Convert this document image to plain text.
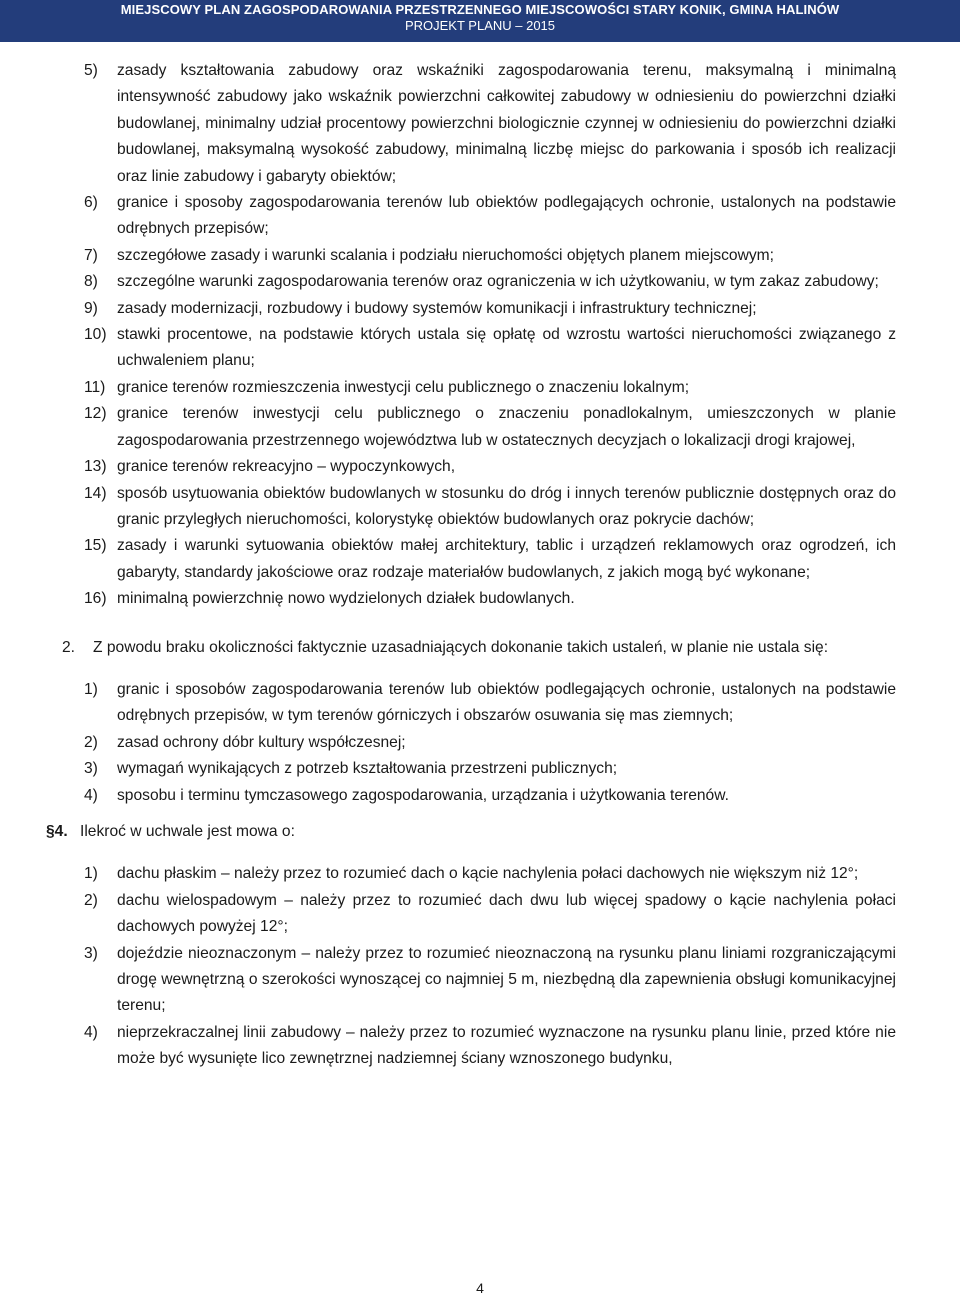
MIEJSCOWY PLAN ZAGOSPODAROWANIA PRZESTRZENNEGO MIEJSCOWOŚCI STARY KONIK, GMINA HALINÓW
PROJEKT PLANU – 2015
5) zasady kształtowania zabudowy oraz wskaźniki zagospodarowania terenu, maksymalną i minimalną intensywność zabudowy jako wskaźnik powierzchni całkowitej zabudowy w odniesieniu do powierzchni działki budowlanej, minimalny udział procentowy powierzchni biologicznie czynnej w odniesieniu do powierzchni działki budowlanej, maksymalną wysokość zabudowy, minimalną liczbę miejsc do parkowania i sposób ich realizacji oraz linie zabudowy i gabaryty obiektów;
6) granice i sposoby zagospodarowania terenów lub obiektów podlegających ochronie, ustalonych na podstawie odrębnych przepisów;
7) szczegółowe zasady i warunki scalania i podziału nieruchomości objętych planem miejscowym;
8) szczególne warunki zagospodarowania terenów oraz ograniczenia w ich użytkowaniu, w tym zakaz zabudowy;
9) zasady modernizacji, rozbudowy i budowy systemów komunikacji i infrastruktury technicznej;
10) stawki procentowe, na podstawie których ustala się opłatę od wzrostu wartości nieruchomości związanego z uchwaleniem planu;
11) granice terenów rozmieszczenia inwestycji celu publicznego o znaczeniu lokalnym;
12) granice terenów inwestycji celu publicznego o znaczeniu ponadlokalnym, umieszczonych w planie zagospodarowania przestrzennego województwa lub w ostatecznych decyzjach o lokalizacji drogi krajowej,
13) granice terenów rekreacyjno – wypoczynkowych,
14) sposób usytuowania obiektów budowlanych w stosunku do dróg i innych terenów publicznie dostępnych oraz do granic przyległych nieruchomości, kolorystykę obiektów budowlanych oraz pokrycie dachów;
15) zasady i warunki sytuowania obiektów małej architektury, tablic i urządzeń reklamowych oraz ogrodzeń, ich gabaryty, standardy jakościowe oraz rodzaje materiałów budowlanych, z jakich mogą być wykonane;
16) minimalną powierzchnię nowo wydzielonych działek budowlanych.
2. Z powodu braku okoliczności faktycznie uzasadniających dokonanie takich ustaleń, w planie nie ustala się:
1) granic i sposobów zagospodarowania terenów lub obiektów podlegających ochronie, ustalonych na podstawie odrębnych przepisów, w tym terenów górniczych i obszarów osuwania się mas ziemnych;
2) zasad ochrony dóbr kultury współczesnej;
3) wymagań wynikających z potrzeb kształtowania przestrzeni publicznych;
4) sposobu i terminu tymczasowego zagospodarowania, urządzania i użytkowania terenów.
§4. Ilekroć w uchwale jest mowa o:
1) dachu płaskim – należy przez to rozumieć dach o kącie nachylenia połaci dachowych nie większym niż 12°;
2) dachu wielospadowym – należy przez to rozumieć dach dwu lub więcej spadowy o kącie nachylenia połaci dachowych powyżej 12°;
3) dojeździe nieoznaczonym – należy przez to rozumieć nieoznaczoną na rysunku planu liniami rozgraniczającymi drogę wewnętrzną o szerokości wynoszącej co najmniej 5 m, niezbędną dla zapewnienia obsługi komunikacyjnej terenu;
4) nieprzekraczalnej linii zabudowy – należy przez to rozumieć wyznaczone na rysunku planu linie, przed które nie może być wysunięte lico zewnętrznej nadziemnej ściany wznoszonego budynku,
4
